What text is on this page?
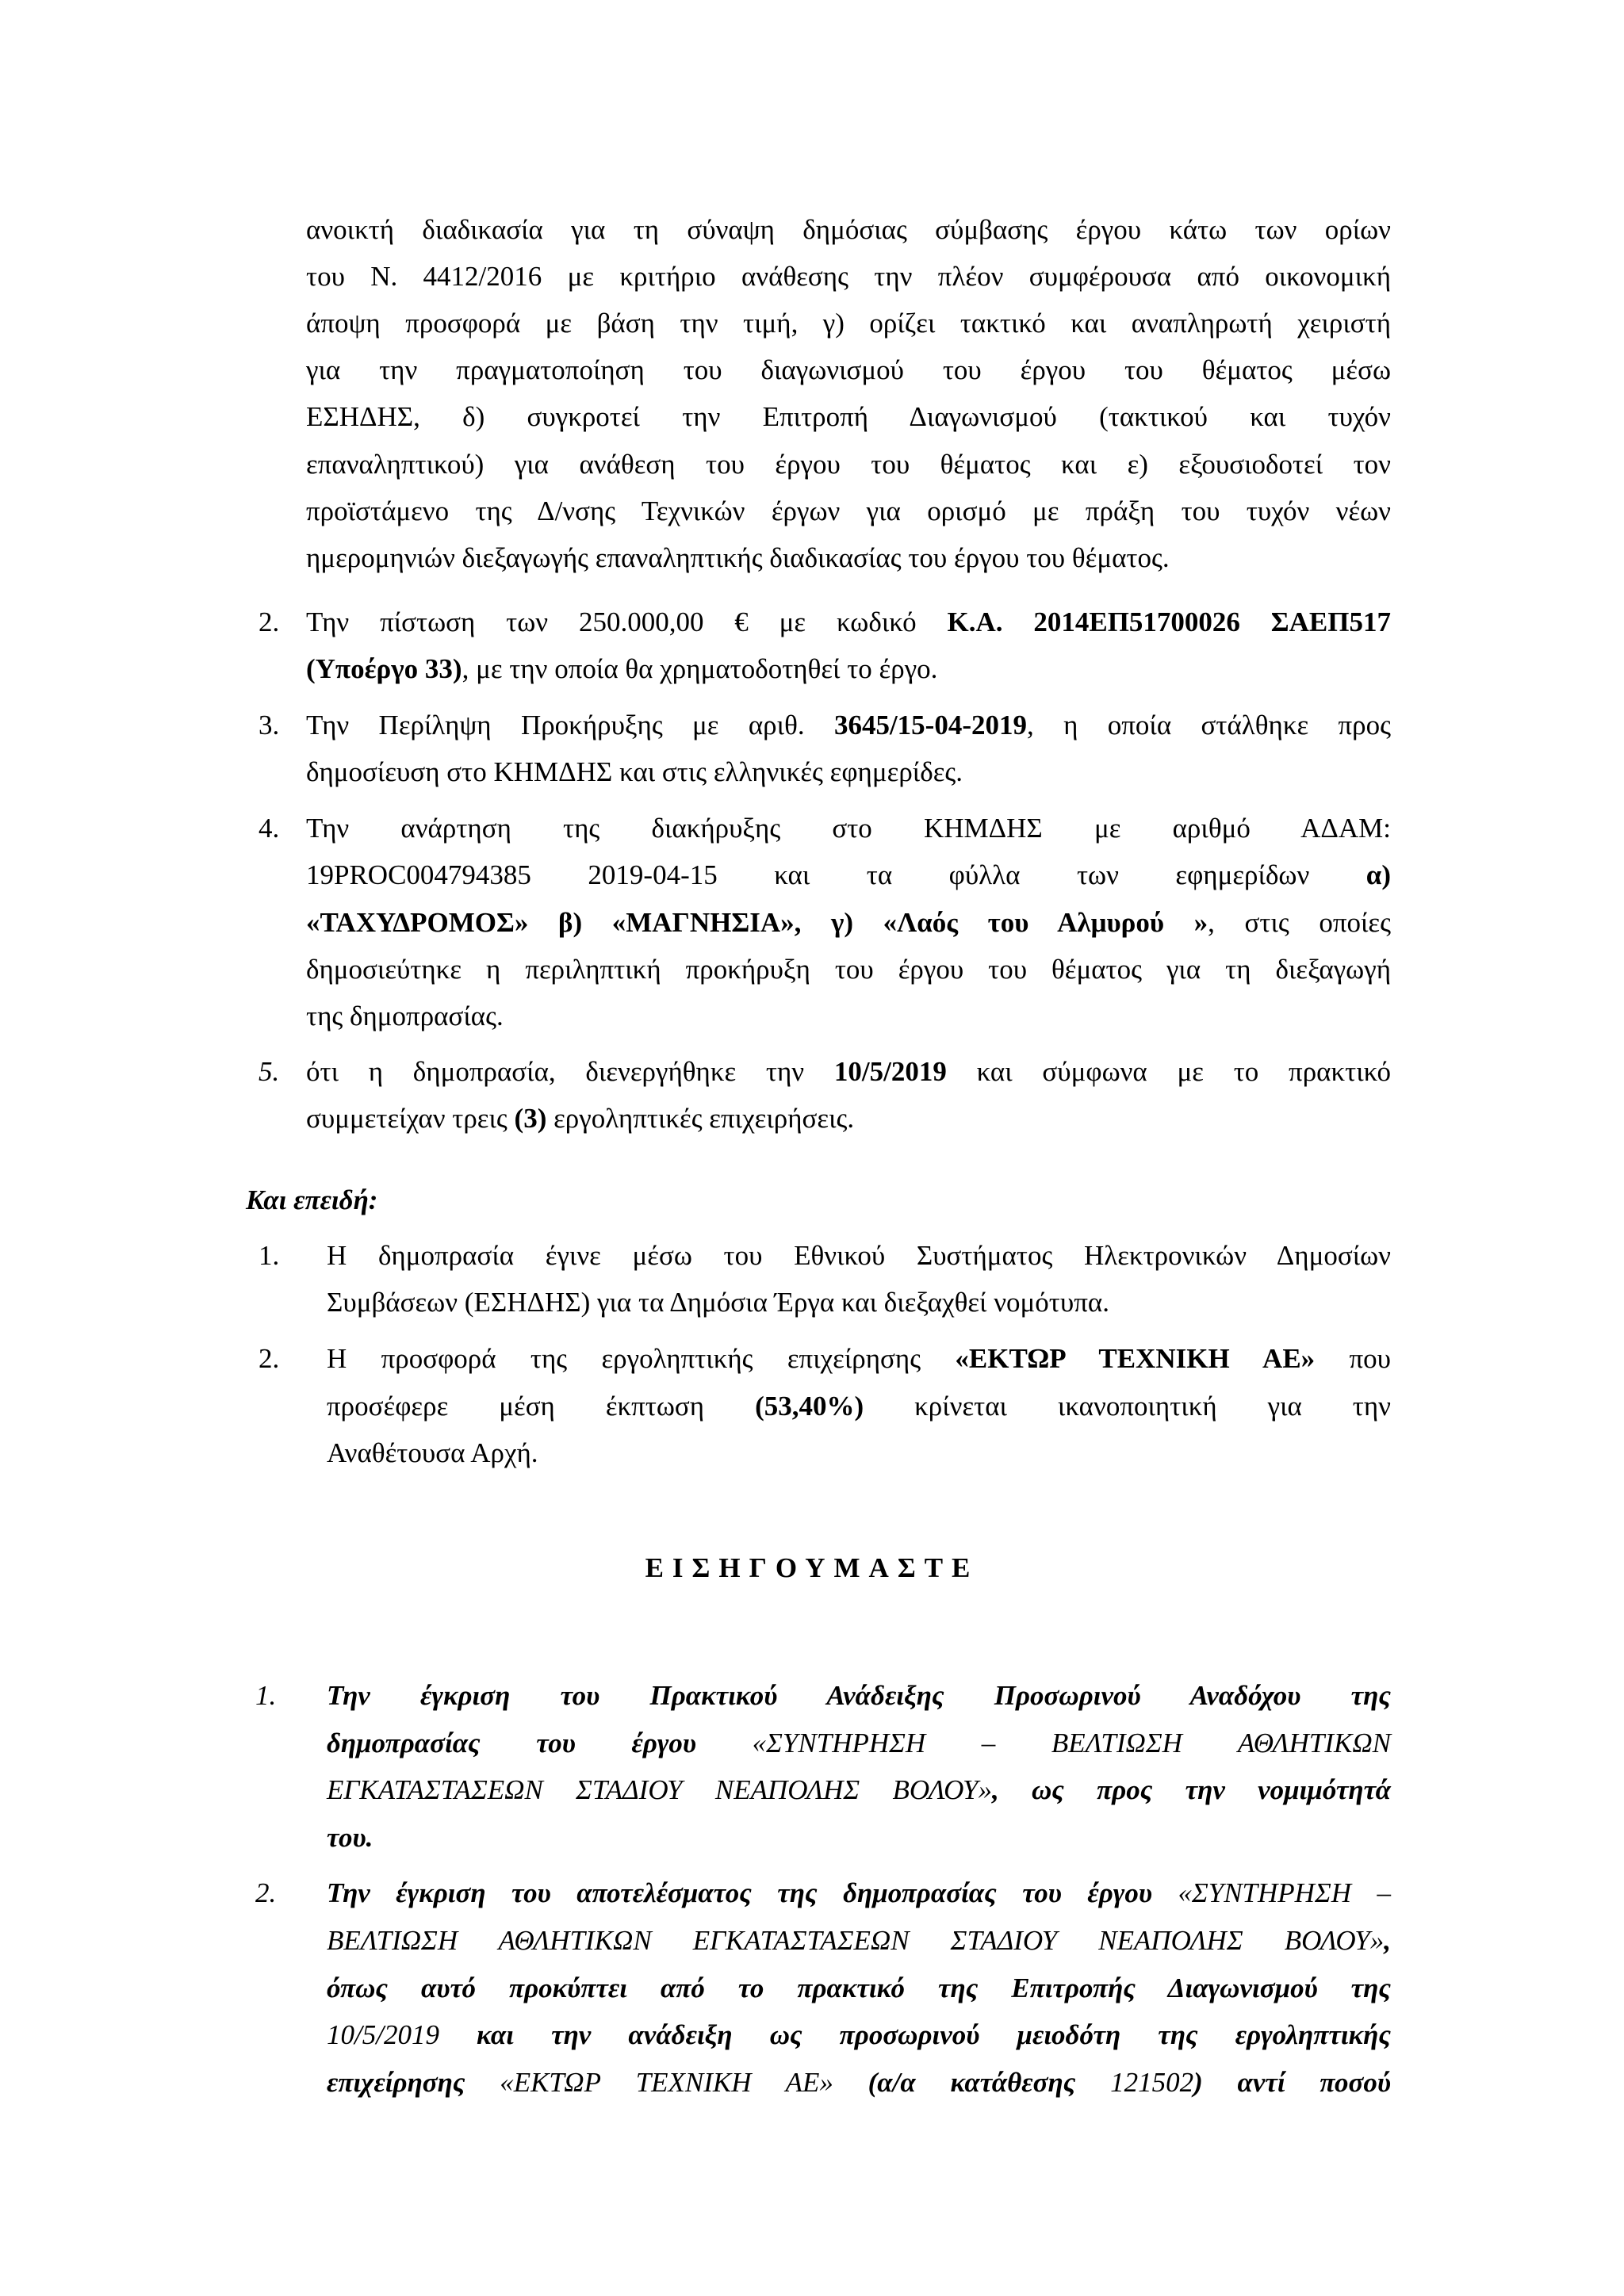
ανοικτή διαδικασία για τη σύναψη δημόσιας σύμβασης έργου κάτω των ορίων
του Ν. 4412/2016 με κριτήριο ανάθεσης την πλέον συμφέρουσα από οικονομική
άποψη προσφορά με βάση την τιμή, γ) ορίζει τακτικό και αναπληρωτή χειριστή
για την πραγματοποίηση του διαγωνισμού του έργου του θέματος μέσω
ΕΣΗΔΗΣ, δ) συγκροτεί την Επιτροπή Διαγωνισμού (τακτικού και τυχόν
επαναληπτικού) για ανάθεση του έργου του θέματος και ε) εξουσιοδοτεί τον
προϊστάμενο της Δ/νσης Τεχνικών έργων για ορισμό με πράξη του τυχόν νέων
ημερομηνιών διεξαγωγής επαναληπτικής διαδικασίας του έργου του θέματος.
2. Την πίστωση των 250.000,00 € με κωδικό Κ.Α. 2014ΕΠ51700026 ΣΑΕΠ517
(Υποέργο 33), με την οποία θα χρηματοδοτηθεί το έργο.
3. Την Περίληψη Προκήρυξης με αριθ. 3645/15-04-2019, η οποία στάλθηκε προς
δημοσίευση στο ΚΗΜΔΗΣ και στις ελληνικές εφημερίδες.
4. Την ανάρτηση της διακήρυξης στο ΚΗΜΔΗΣ με αριθμό ΑΔΑΜ:
19PROC004794385 2019-04-15 και τα φύλλα των εφημερίδων α)
«ΤΑΧΥΔΡΟΜΟΣ» β) «ΜΑΓΝΗΣΙΑ», γ) «Λαός του Αλμυρού », στις οποίες
δημοσιεύτηκε η περιληπτική προκήρυξη του έργου του θέματος για τη διεξαγωγή
της δημοπρασίας.
5. ότι η δημοπρασία, διενεργήθηκε την 10/5/2019 και σύμφωνα με το πρακτικό
συμμετείχαν τρεις (3) εργοληπτικές επιχειρήσεις.
Και επειδή:
1. Η δημοπρασία έγινε μέσω του Εθνικού Συστήματος Ηλεκτρονικών Δημοσίων
Συμβάσεων (ΕΣΗΔΗΣ) για τα Δημόσια Έργα και διεξαχθεί νομότυπα.
2. Η προσφορά της εργοληπτικής επιχείρησης «ΕΚΤΩΡ ΤΕΧΝΙΚΗ ΑΕ» που
προσέφερε μέση έκπτωση (53,40%) κρίνεται ικανοποιητική για την
Αναθέτουσα Αρχή.
ΕΙΣΗΓΟΥΜΑΣΤΕ
1. Την έγκριση του Πρακτικού Ανάδειξης Προσωρινού Αναδόχου της
δημοπρασίας του έργου «ΣΥΝΤΗΡΗΣΗ – ΒΕΛΤΙΩΣΗ ΑΘΛΗΤΙΚΩΝ
ΕΓΚΑΤΑΣΤΑΣΕΩΝ ΣΤΑΔΙΟΥ ΝΕΑΠΟΛΗΣ ΒΟΛΟΥ», ως προς την νομιμότητά
του.
2. Την έγκριση του αποτελέσματος της δημοπρασίας του έργου «ΣΥΝΤΗΡΗΣΗ –
ΒΕΛΤΙΩΣΗ ΑΘΛΗΤΙΚΩΝ ΕΓΚΑΤΑΣΤΑΣΕΩΝ ΣΤΑΔΙΟΥ ΝΕΑΠΟΛΗΣ ΒΟΛΟΥ»,
όπως αυτό προκύπτει από το πρακτικό της Επιτροπής Διαγωνισμού της
10/5/2019 και την ανάδειξη ως προσωρινού μειοδότη της εργοληπτικής
επιχείρησης «ΕΚΤΩΡ ΤΕΧΝΙΚΗ ΑΕ» (α/α κατάθεσης 121502) αντί ποσού
